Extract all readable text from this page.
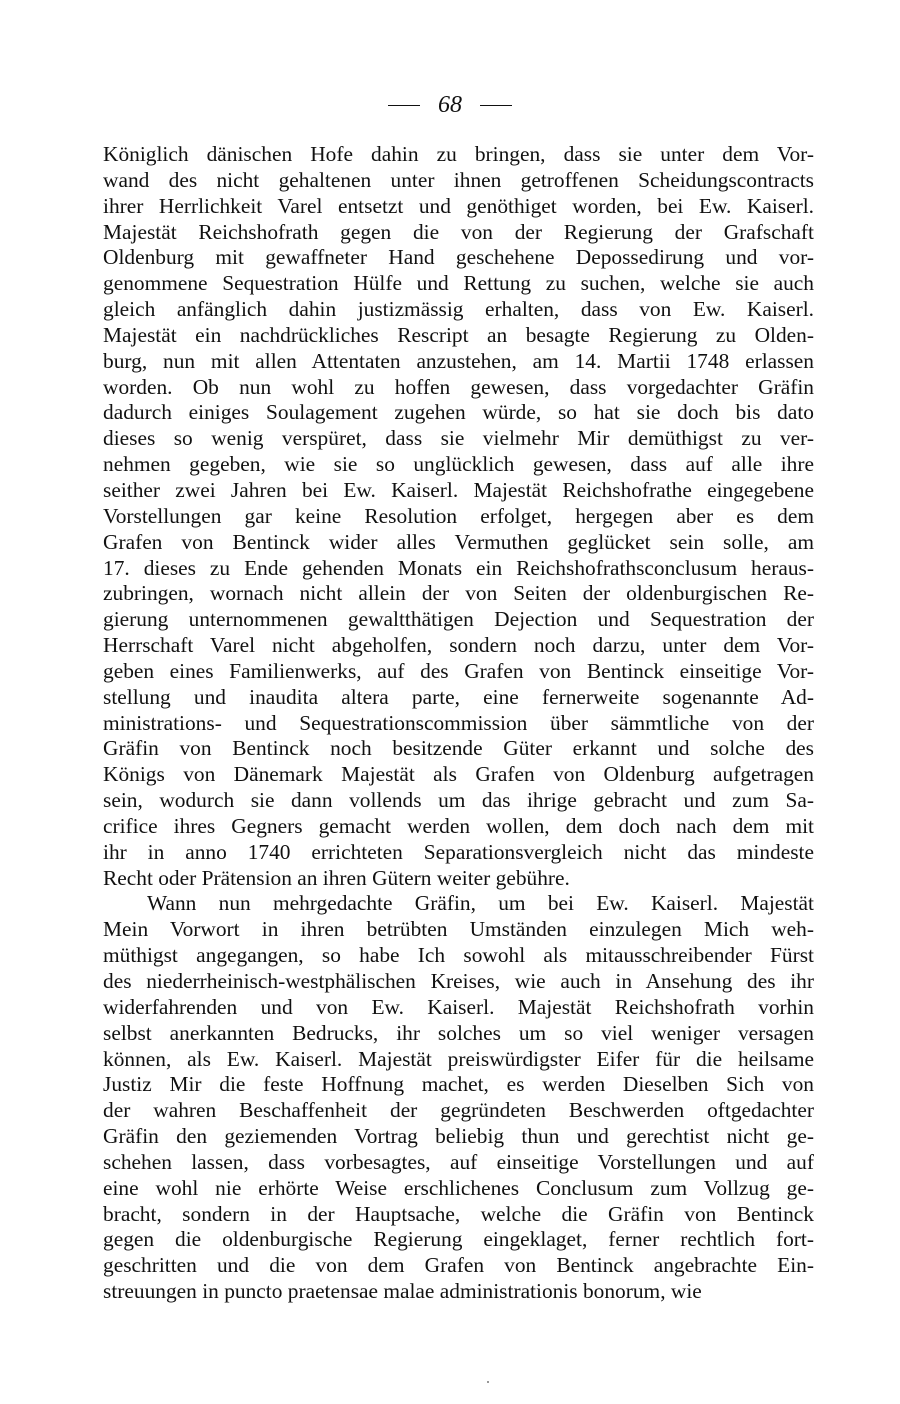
68
Königlich dänischen Hofe dahin zu bringen, dass sie unter dem Vor-
wand des nicht gehaltenen unter ihnen getroffenen Scheidungscontracts
ihrer Herrlichkeit Varel entsetzt und genöthiget worden, bei Ew. Kaiserl.
Majestät Reichshofrath gegen die von der Regierung der Grafschaft
Oldenburg mit gewaffneter Hand geschehene Depossedirung und vor-
genommene Sequestration Hülfe und Rettung zu suchen, welche sie auch
gleich anfänglich dahin justizmässig erhalten, dass von Ew. Kaiserl.
Majestät ein nachdrückliches Rescript an besagte Regierung zu Olden-
burg, nun mit allen Attentaten anzustehen, am 14. Martii 1748 erlassen
worden. Ob nun wohl zu hoffen gewesen, dass vorgedachter Gräfin
dadurch einiges Soulagement zugehen würde, so hat sie doch bis dato
dieses so wenig verspüret, dass sie vielmehr Mir demüthigst zu ver-
nehmen gegeben, wie sie so unglücklich gewesen, dass auf alle ihre
seither zwei Jahren bei Ew. Kaiserl. Majestät Reichshofrathe eingegebene
Vorstellungen gar keine Resolution erfolget, hergegen aber es dem
Grafen von Bentinck wider alles Vermuthen geglücket sein solle, am
17. dieses zu Ende gehenden Monats ein Reichshofrathsconclusum heraus-
zubringen, wornach nicht allein der von Seiten der oldenburgischen Re-
gierung unternommenen gewaltthätigen Dejection und Sequestration der
Herrschaft Varel nicht abgeholfen, sondern noch darzu, unter dem Vor-
geben eines Familienwerks, auf des Grafen von Bentinck einseitige Vor-
stellung und inaudita altera parte, eine fernerweite sogenannte Ad-
ministrations- und Sequestrationscommission über sämmtliche von der
Gräfin von Bentinck noch besitzende Güter erkannt und solche des
Königs von Dänemark Majestät als Grafen von Oldenburg aufgetragen
sein, wodurch sie dann vollends um das ihrige gebracht und zum Sa-
crifice ihres Gegners gemacht werden wollen, dem doch nach dem mit
ihr in anno 1740 errichteten Separationsvergleich nicht das mindeste
Recht oder Prätension an ihren Gütern weiter gebühre.
Wann nun mehrgedachte Gräfin, um bei Ew. Kaiserl. Majestät
Mein Vorwort in ihren betrübten Umständen einzulegen Mich weh-
müthigst angegangen, so habe Ich sowohl als mitausschreibender Fürst
des niederrheinisch-westphälischen Kreises, wie auch in Ansehung des ihr
widerfahrenden und von Ew. Kaiserl. Majestät Reichshofrath vorhin
selbst anerkannten Bedrucks, ihr solches um so viel weniger versagen
können, als Ew. Kaiserl. Majestät preiswürdigster Eifer für die heilsame
Justiz Mir die feste Hoffnung machet, es werden Dieselben Sich von
der wahren Beschaffenheit der gegründeten Beschwerden oftgedachter
Gräfin den geziemenden Vortrag beliebig thun und gerechtist nicht ge-
schehen lassen, dass vorbesagtes, auf einseitige Vorstellungen und auf
eine wohl nie erhörte Weise erschlichenes Conclusum zum Vollzug ge-
bracht, sondern in der Hauptsache, welche die Gräfin von Bentinck
gegen die oldenburgische Regierung eingeklaget, ferner rechtlich fort-
geschritten und die von dem Grafen von Bentinck angebrachte Ein-
streuungen in puncto praetensae malae administrationis bonorum, wie
